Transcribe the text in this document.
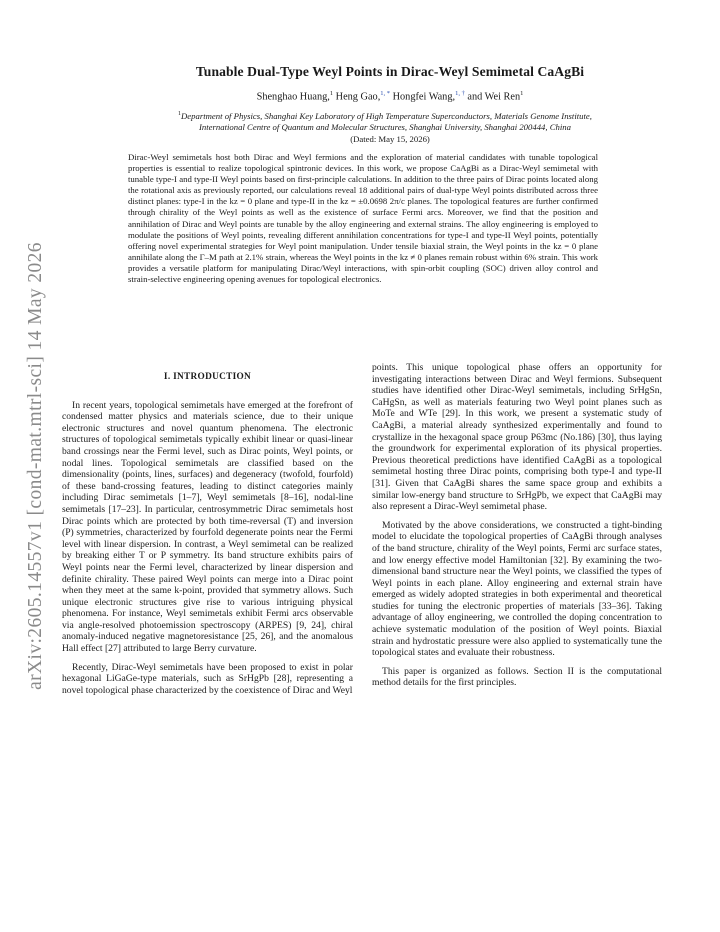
arXiv:2605.14557v1 [cond-mat.mtrl-sci] 14 May 2026
Tunable Dual-Type Weyl Points in Dirac-Weyl Semimetal CaAgBi
Shenghao Huang,$^1$ Heng Gao,$^{1, *}$ Hongfei Wang,$^{1, \dagger}$ and Wei Ren$^1$
$^1$Department of Physics, Shanghai Key Laboratory of High Temperature Superconductors, Materials Genome Institute,
International Centre of Quantum and Molecular Structures, Shanghai University, Shanghai 200444, China
(Dated: May 15, 2026)

Dirac-Weyl semimetals host both Dirac and Weyl fermions and the exploration of material candidates with tunable topological properties is essential to realize topological spintronic devices. In this work, we propose CaAgBi as a Dirac-Weyl semimetal with tunable type-I and type-II Weyl points based on first-principle calculations. In addition to the three pairs of Dirac points located along the rotational axis as previously reported, our calculations reveal 18 additional pairs of dual-type Weyl points distributed across three distinct planes: type-I in the kz = 0 plane and type-II in the kz = ±0.0698 2π/c planes. The topological features are further confirmed through chirality of the Weyl points as well as the existence of surface Fermi arcs. Moreover, we find that the position and annihilation of Dirac and Weyl points are tunable by the alloy engineering and external strains. The alloy engineering is employed to modulate the positions of Weyl points, revealing different annihilation concentrations for type-I and type-II Weyl points, potentially offering novel experimental strategies for Weyl point manipulation. Under tensile biaxial strain, the Weyl points in the kz = 0 plane annihilate along the Γ–M path at 2.1% strain, whereas the Weyl points in the kz ≠ 0 planes remain robust within 6% strain. This work provides a versatile platform for manipulating Dirac/Weyl interactions, with spin-orbit coupling (SOC) driven alloy control and strain-selective engineering opening avenues for topological electronics.

I. INTRODUCTION

In recent years, topological semimetals have emerged at the forefront of condensed matter physics and materials science, due to their unique electronic structures and novel quantum phenomena. The electronic structures of topological semimetals typically exhibit linear or quasi-linear band crossings near the Fermi level, such as Dirac points, Weyl points, or nodal lines. Topological semimetals are classified based on the dimensionality (points, lines, surfaces) and degeneracy (twofold, fourfold) of these band-crossing features, leading to distinct categories mainly including Dirac semimetals [1–7], Weyl semimetals [8–16], nodal-line semimetals [17–23]. In particular, centrosymmetric Dirac semimetals host Dirac points which are protected by both time-reversal (T) and inversion (P) symmetries, characterized by fourfold degenerate points near the Fermi level with linear dispersion. In contrast, a Weyl semimetal can be realized by breaking either T or P symmetry. Its band structure exhibits pairs of Weyl points near the Fermi level, characterized by linear dispersion and definite chirality. These paired Weyl points can merge into a Dirac point when they meet at the same k-point, provided that symmetry allows. Such unique electronic structures give rise to various intriguing physical phenomena. For instance, Weyl semimetals exhibit Fermi arcs observable via angle-resolved photoemission spectroscopy (ARPES) [9, 24], chiral anomaly-induced negative magnetoresistance [25, 26], and the anomalous Hall effect [27] attributed to large Berry curvature.

Recently, Dirac-Weyl semimetals have been proposed to exist in polar hexagonal LiGaGe-type materials, such as SrHgPb [28], representing a novel topological phase characterized by the coexistence of Dirac and Weyl

points. This unique topological phase offers an opportunity for investigating interactions between Dirac and Weyl fermions. Subsequent studies have identified other Dirac-Weyl semimetals, including SrHgSn, CaHgSn, as well as materials featuring two Weyl point planes such as MoTe and WTe [29]. In this work, we present a systematic study of CaAgBi, a material already synthesized experimentally and found to crystallize in the hexagonal space group P63mc (No.186) [30], thus laying the groundwork for experimental exploration of its physical properties. Previous theoretical predictions have identified CaAgBi as a topological semimetal hosting three Dirac points, comprising both type-I and type-II [31]. Given that CaAgBi shares the same space group and exhibits a similar low-energy band structure to SrHgPb, we expect that CaAgBi may also represent a Dirac-Weyl semimetal phase.

Motivated by the above considerations, we constructed a tight-binding model to elucidate the topological properties of CaAgBi through analyses of the band structure, chirality of the Weyl points, Fermi arc surface states, and low energy effective model Hamiltonian [32]. By examining the two-dimensional band structure near the Weyl points, we classified the types of Weyl points in each plane. Alloy engineering and external strain have emerged as widely adopted strategies in both experimental and theoretical studies for tuning the electronic properties of materials [33–36]. Taking advantage of alloy engineering, we controlled the doping concentration to achieve systematic modulation of the position of Weyl points. Biaxial strain and hydrostatic pressure were also applied to systematically tune the topological states and evaluate their robustness.

This paper is organized as follows. Section II is the computational method details for the first principles.
